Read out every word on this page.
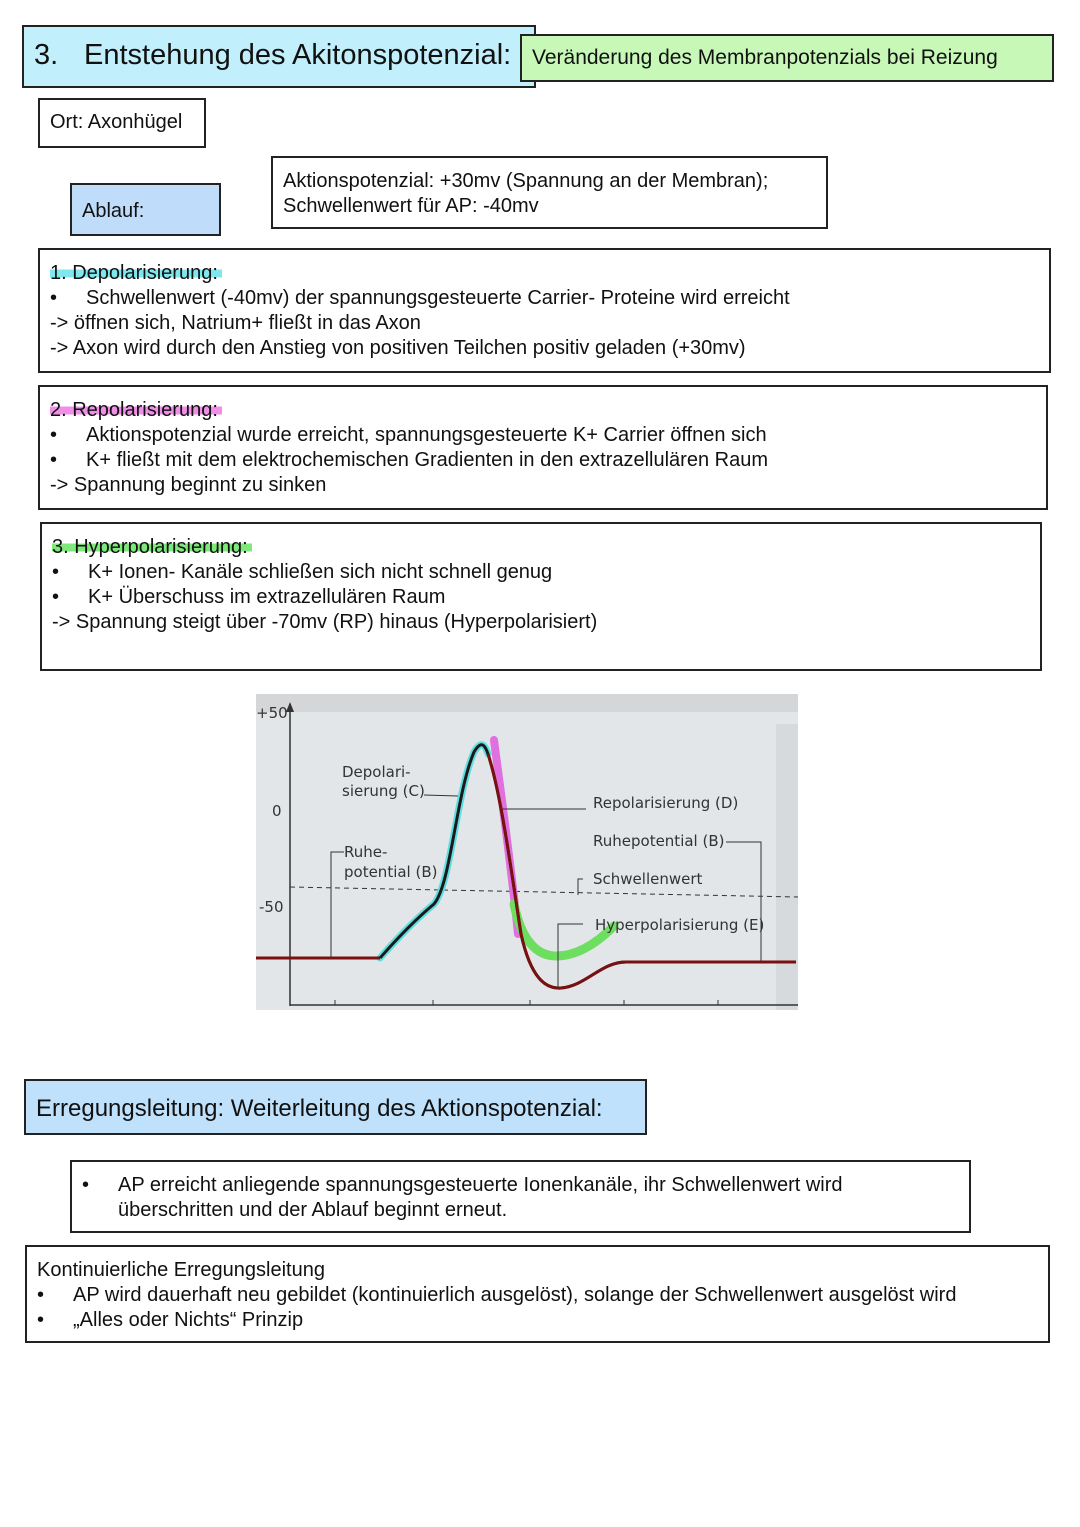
3. Entstehung des Akitonspotenzial: Veränderung des Membranpotenzials bei Reizung
Ort: Axonhügel
Ablauf:
Aktionspotenzial: +30mv (Spannung an der Membran);
Schwellenwert für AP: -40mv
1. Depolarisierung:
• Schwellenwert (-40mv) der spannungsgesteuerte Carrier- Proteine wird erreicht
-> öffnen sich, Natrium+ fließt in das Axon
-> Axon wird durch den Anstieg von positiven Teilchen positiv geladen (+30mv)
2. Repolarisierung:
• Aktionspotenzial wurde erreicht, spannungsgesteuerte K+ Carrier öffnen sich
• K+ fließt mit dem elektrochemischen Gradienten in den extrazellulären Raum
-> Spannung beginnt zu sinken
3. Hyperpolarisierung:
• K+ Ionen- Kanäle schließen sich nicht schnell genug
• K+ Überschuss im extrazellulären Raum
-> Spannung steigt über -70mv (RP) hinaus (Hyperpolarisiert)
+50
0
-50
Depolari-
sierung (C)
Ruhe-
potential (B)
Repolarisierung (D)
Ruhepotential (B)
Schwellenwert
Hyperpolarisierung (E)
Erregungsleitung: Weiterleitung des Aktionspotenzial:
• AP erreicht anliegende spannungsgesteuerte Ionenkanäle, ihr Schwellenwert wird
überschritten und der Ablauf beginnt erneut.
Kontinuierliche Erregungsleitung
• AP wird dauerhaft neu gebildet (kontinuierlich ausgelöst), solange der Schwellenwert ausgelöst wird
• „Alles oder Nichts“ Prinzip
